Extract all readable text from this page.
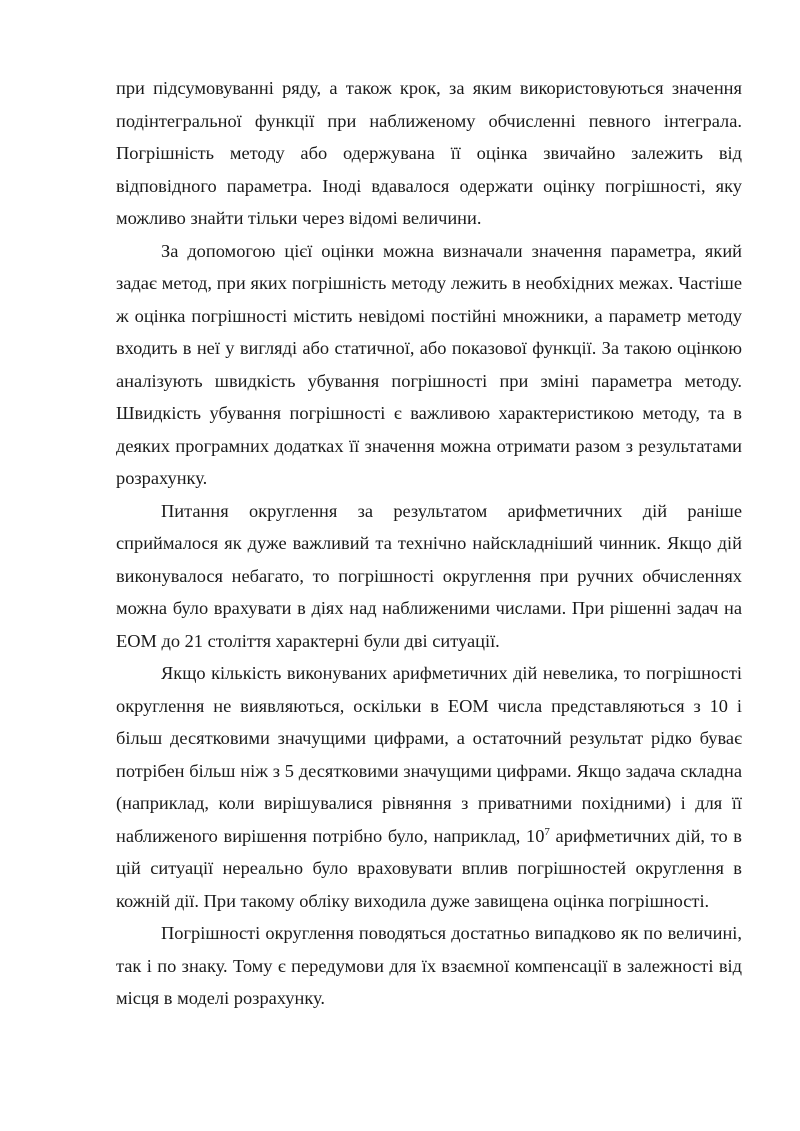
при підсумовуванні ряду, а також крок, за яким використовуються значення подінтегральної функції при наближеному обчисленні певного інтеграла. Погрішність методу або одержувана її оцінка звичайно залежить від відповідного параметра. Іноді вдавалося одержати оцінку погрішності, яку можливо знайти тільки через відомі величини.

За допомогою цієї оцінки можна визначали значення параметра, який задає метод, при яких погрішність методу лежить в необхідних межах. Частіше ж оцінка погрішності містить невідомі постійні множники, а параметр методу входить в неї у вигляді або статичної, або показової функції. За такою оцінкою аналізують швидкість убування погрішності при зміні параметра методу. Швидкість убування погрішності є важливою характеристикою методу, та в деяких програмних додатках її значення можна отримати разом з результатами розрахунку.

Питання округлення за результатом арифметичних дій раніше сприймалося як дуже важливий та технічно найскладніший чинник. Якщо дій виконувалося небагато, то погрішності округлення при ручних обчисленнях можна було врахувати в діях над наближеними числами. При рішенні задач на ЕОМ до 21 століття характерні були дві ситуації.

Якщо кількість виконуваних арифметичних дій невелика, то погрішності округлення не виявляються, оскільки в ЕОМ числа представляються з 10 і більш десятковими значущими цифрами, а остаточний результат рідко буває потрібен більш ніж з 5 десятковими значущими цифрами. Якщо задача складна (наприклад, коли вирішувалися рівняння з приватними похідними) і для її наближеного вирішення потрібно було, наприклад, $10^7$ арифметичних дій, то в цій ситуації нереально було враховувати вплив погрішностей округлення в кожній дії. При такому обліку виходила дуже завищена оцінка погрішності.

Погрішності округлення поводяться достатньо випадково як по величині, так і по знаку. Тому є передумови для їх взаємної компенсації в залежності від місця в моделі розрахунку.
